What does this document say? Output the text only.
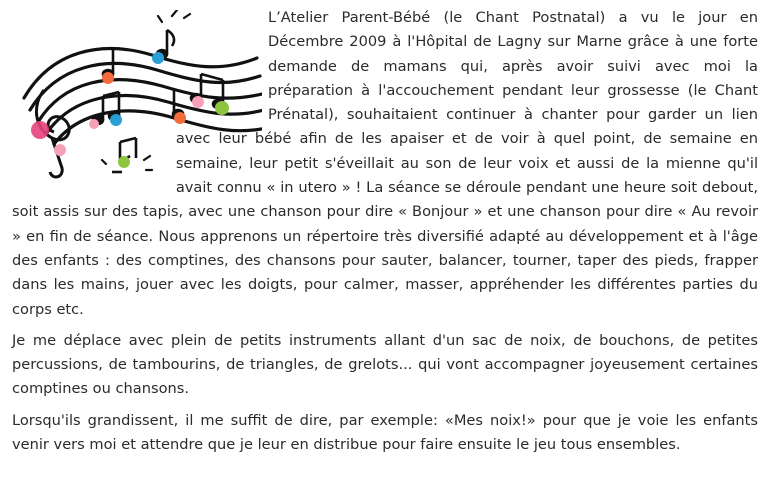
L’Atelier Parent-Bébé (le Chant Postnatal) a vu le jour en Décembre 2009 à l'Hôpital de Lagny sur Marne grâce à une forte demande de mamans qui, après avoir suivi avec moi la préparation à l'accouchement pendant leur grossesse (le Chant Prénatal), souhaitaient continuer à chanter pour garder un lien avec leur bébé afin de les apaiser et de voir à quel point, de semaine en semaine, leur petit s'éveillait au son de leur voix et aussi de la mienne qu'il avait connu « in utero » ! La séance se déroule pendant une heure soit debout, soit assis sur des tapis, avec une chanson pour dire « Bonjour » et une chanson pour dire « Au revoir » en fin de séance. Nous apprenons un répertoire très diversifié adapté au développement et à l'âge des enfants : des comptines, des chansons pour sauter, balancer, tourner, taper des pieds, frapper dans les mains, jouer avec les doigts, pour calmer, masser, appréhender les différentes parties du corps etc.

Je me déplace avec plein de petits instruments allant d'un sac de noix, de bouchons, de petites percussions, de tambourins, de triangles, de grelots... qui vont accompagner joyeusement certaines comptines ou chansons.

Lorsqu'ils grandissent, il me suffit de dire, par exemple: «Mes noix!» pour que je voie les enfants venir vers moi et attendre que je leur en distribue pour faire ensuite le jeu tous ensembles.
